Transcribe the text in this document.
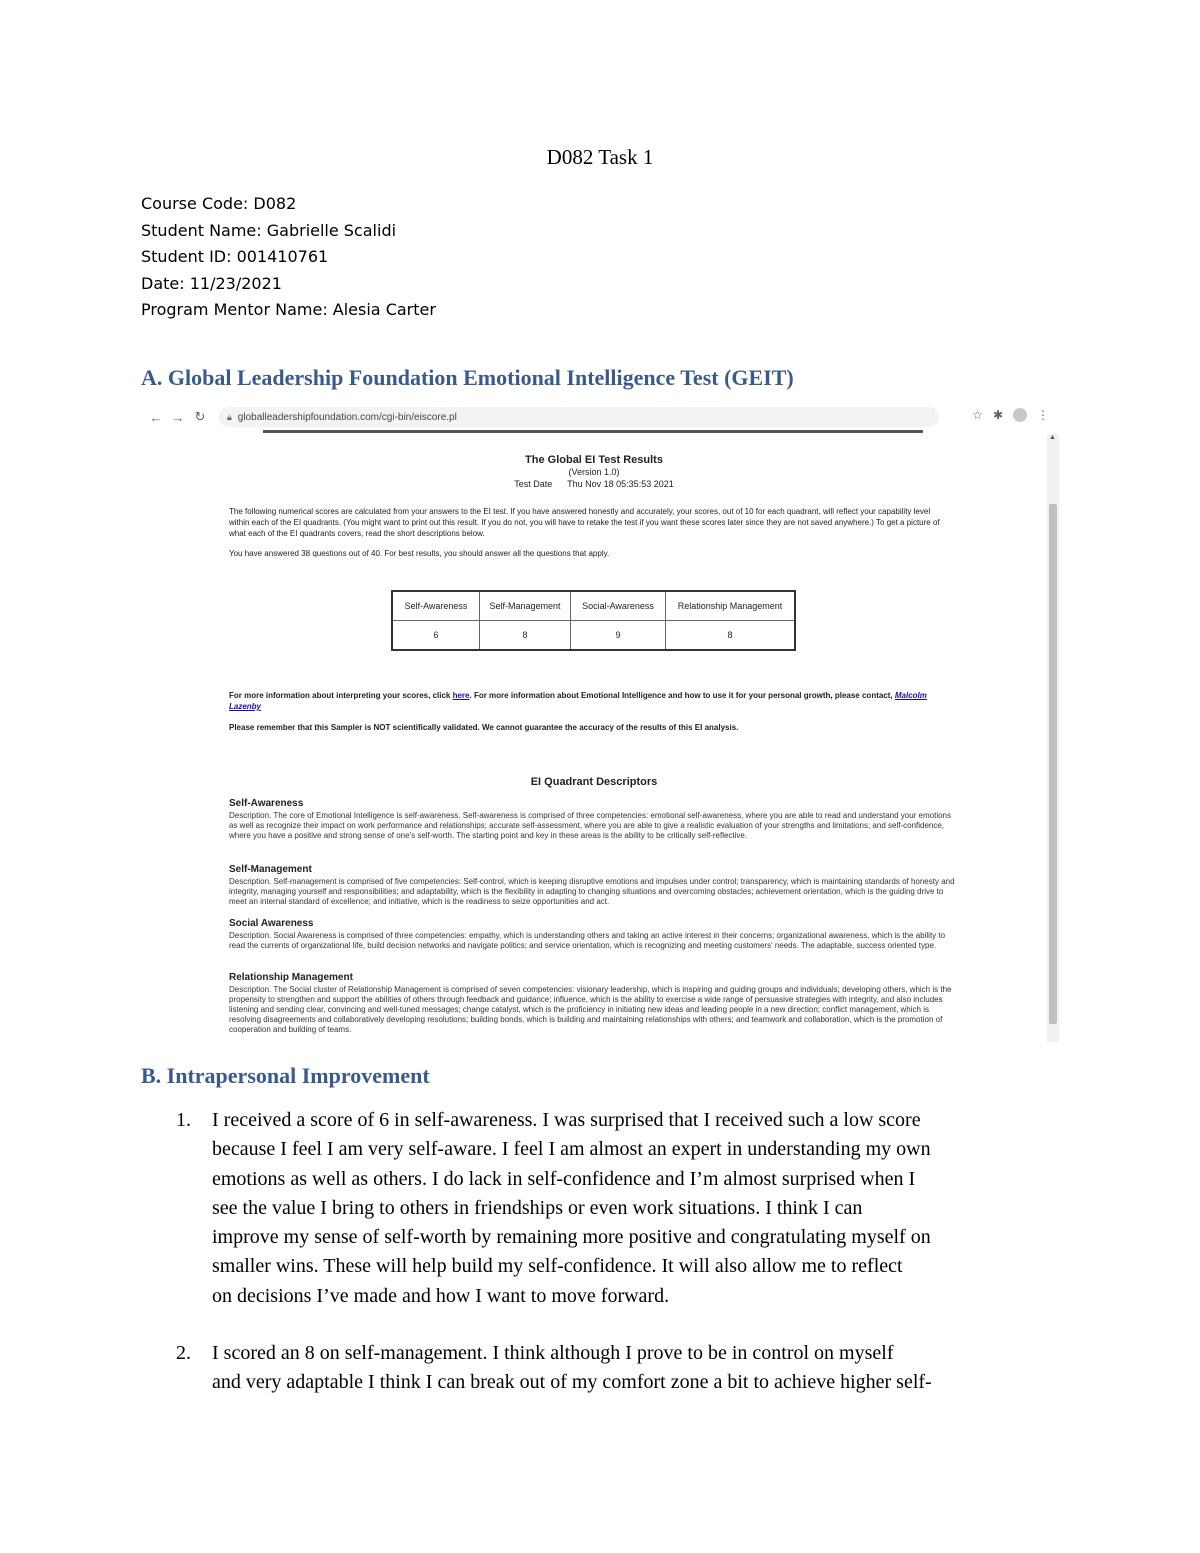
D082 Task 1
Course Code: D082
Student Name: Gabrielle Scalidi
Student ID: 001410761
Date: 11/23/2021
Program Mentor Name: Alesia Carter
A. Global Leadership Foundation Emotional Intelligence Test (GEIT)
← → ↻	🔒︎ globalleadershipfoundation.com/cgi-bin/eiscore.pl	☆ ✱	⋮
▲
The Global EI Test Results
(Version 1.0)
Test Date Thu Nov 18 05:35:53 2021
The following numerical scores are calculated from your answers to the EI test. If you have answered honestly and accurately, your scores, out of 10 for each quadrant, will reflect your capability level within each of the EI quadrants. (You might want to print out this result. If you do not, you will have to retake the test if you want these scores later since they are not saved anywhere.) To get a picture of what each of the EI quadrants covers, read the short descriptions below.
You have answered 38 questions out of 40. For best results, you should answer all the questions that apply.
Self-Awareness	Self-Management	Social-Awareness	Relationship Management
6	8	9	8
For more information about interpreting your scores, click here. For more information about Emotional Intelligence and how to use it for your personal growth, please contact, Malcolm Lazenby
Please remember that this Sampler is NOT scientifically validated. We cannot guarantee the accuracy of the results of this EI analysis.
EI Quadrant Descriptors
Self-Awareness
Description. The core of Emotional Intelligence is self-awareness. Self-awareness is comprised of three competencies: emotional self-awareness, where you are able to read and understand your emotions as well as recognize their impact on work performance and relationships; accurate self-assessment, where you are able to give a realistic evaluation of your strengths and limitations; and self-confidence, where you have a positive and strong sense of one's self-worth. The starting point and key in these areas is the ability to be critically self-reflective.
Self-Management
Description. Self-management is comprised of five competencies: Self-control, which is keeping disruptive emotions and impulses under control; transparency, which is maintaining standards of honesty and integrity, managing yourself and responsibilities; and adaptability, which is the flexibility in adapting to changing situations and overcoming obstacles; achievement orientation, which is the guiding drive to meet an internal standard of excellence; and initiative, which is the readiness to seize opportunities and act.
Social Awareness
Description. Social Awareness is comprised of three competencies: empathy, which is understanding others and taking an active interest in their concerns; organizational awareness, which is the ability to read the currents of organizational life, build decision networks and navigate politics; and service orientation, which is recognizing and meeting customers' needs. The adaptable, success oriented type.
Relationship Management
Description. The Social cluster of Relationship Management is comprised of seven competencies: visionary leadership, which is inspiring and guiding groups and individuals; developing others, which is the propensity to strengthen and support the abilities of others through feedback and guidance; influence, which is the ability to exercise a wide range of persuasive strategies with integrity, and also includes listening and sending clear, convincing and well-tuned messages; change catalyst, which is the proficiency in initiating new ideas and leading people in a new direction; conflict management, which is resolving disagreements and collaboratively developing resolutions; building bonds, which is building and maintaining relationships with others; and teamwork and collaboration, which is the promotion of cooperation and building of teams.
B. Intrapersonal Improvement
1. I received a score of 6 in self-awareness. I was surprised that I received such a low score
because I feel I am very self-aware. I feel I am almost an expert in understanding my own
emotions as well as others. I do lack in self-confidence and I’m almost surprised when I
see the value I bring to others in friendships or even work situations. I think I can
improve my sense of self-worth by remaining more positive and congratulating myself on
smaller wins. These will help build my self-confidence. It will also allow me to reflect
on decisions I’ve made and how I want to move forward.
2. I scored an 8 on self-management. I think although I prove to be in control on myself
and very adaptable I think I can break out of my comfort zone a bit to achieve higher self-
